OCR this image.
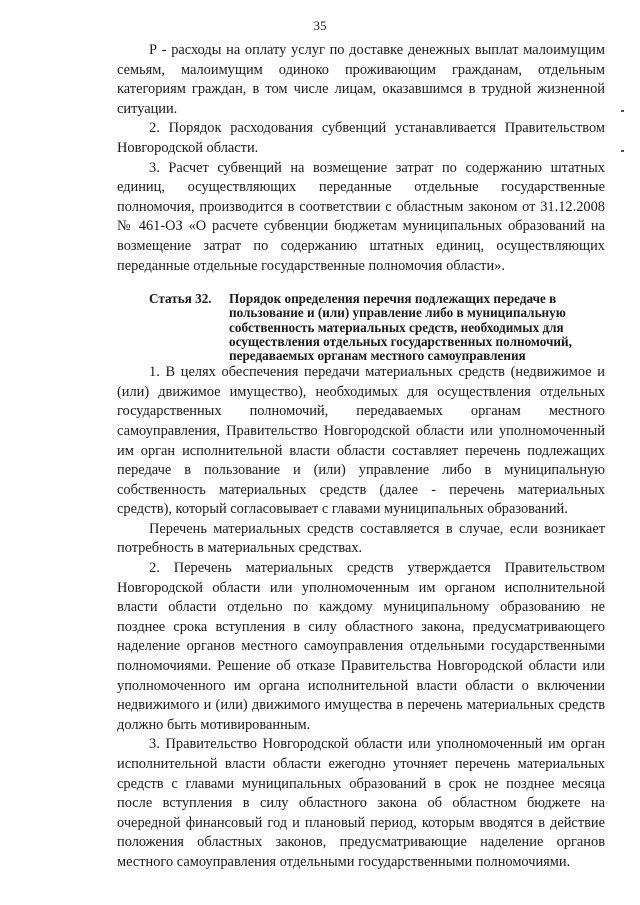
35

Р - расходы на оплату услуг по доставке денежных выплат малоимущим семьям, малоимущим одиноко проживающим гражданам, отдельным категориям граждан, в том числе лицам, оказавшимся в трудной жизненной ситуации.

2. Порядок расходования субвенций устанавливается Правительством Новгородской области.

3. Расчет субвенций на возмещение затрат по содержанию штатных единиц, осуществляющих переданные отдельные государственные полномочия, производится в соответствии с областным законом от 31.12.2008 № 461-ОЗ «О расчете субвенции бюджетам муниципальных образований на возмещение затрат по содержанию штатных единиц, осуществляющих переданные отдельные государственные полномочия области».

Статья 32.	Порядок определения перечня подлежащих передаче в пользование и (или) управление либо в муниципальную собственность материальных средств, необходимых для осуществления отдельных государственных полномочий, передаваемых органам местного самоуправления

1. В целях обеспечения передачи материальных средств (недвижимое и (или) движимое имущество), необходимых для осуществления отдельных государственных полномочий, передаваемых органам местного самоуправления, Правительство Новгородской области или уполномоченный им орган исполнительной власти области составляет перечень подлежащих передаче в пользование и (или) управление либо в муниципальную собственность материальных средств (далее - перечень материальных средств), который согласовывает с главами муниципальных образований.

Перечень материальных средств составляется в случае, если возникает потребность в материальных средствах.

2. Перечень материальных средств утверждается Правительством Новгородской области или уполномоченным им органом исполнительной власти области отдельно по каждому муниципальному образованию не позднее срока вступления в силу областного закона, предусматривающего наделение органов местного самоуправления отдельными государственными полномочиями. Решение об отказе Правительства Новгородской области или уполномоченного им органа исполнительной власти области о включении недвижимого и (или) движимого имущества в перечень материальных средств должно быть мотивированным.

3. Правительство Новгородской области или уполномоченный им орган исполнительной власти области ежегодно уточняет перечень материальных средств с главами муниципальных образований в срок не позднее месяца после вступления в силу областного закона об областном бюджете на очередной финансовый год и плановый период, которым вводятся в действие положения областных законов, предусматривающие наделение органов местного самоуправления отдельными государственными полномочиями.
